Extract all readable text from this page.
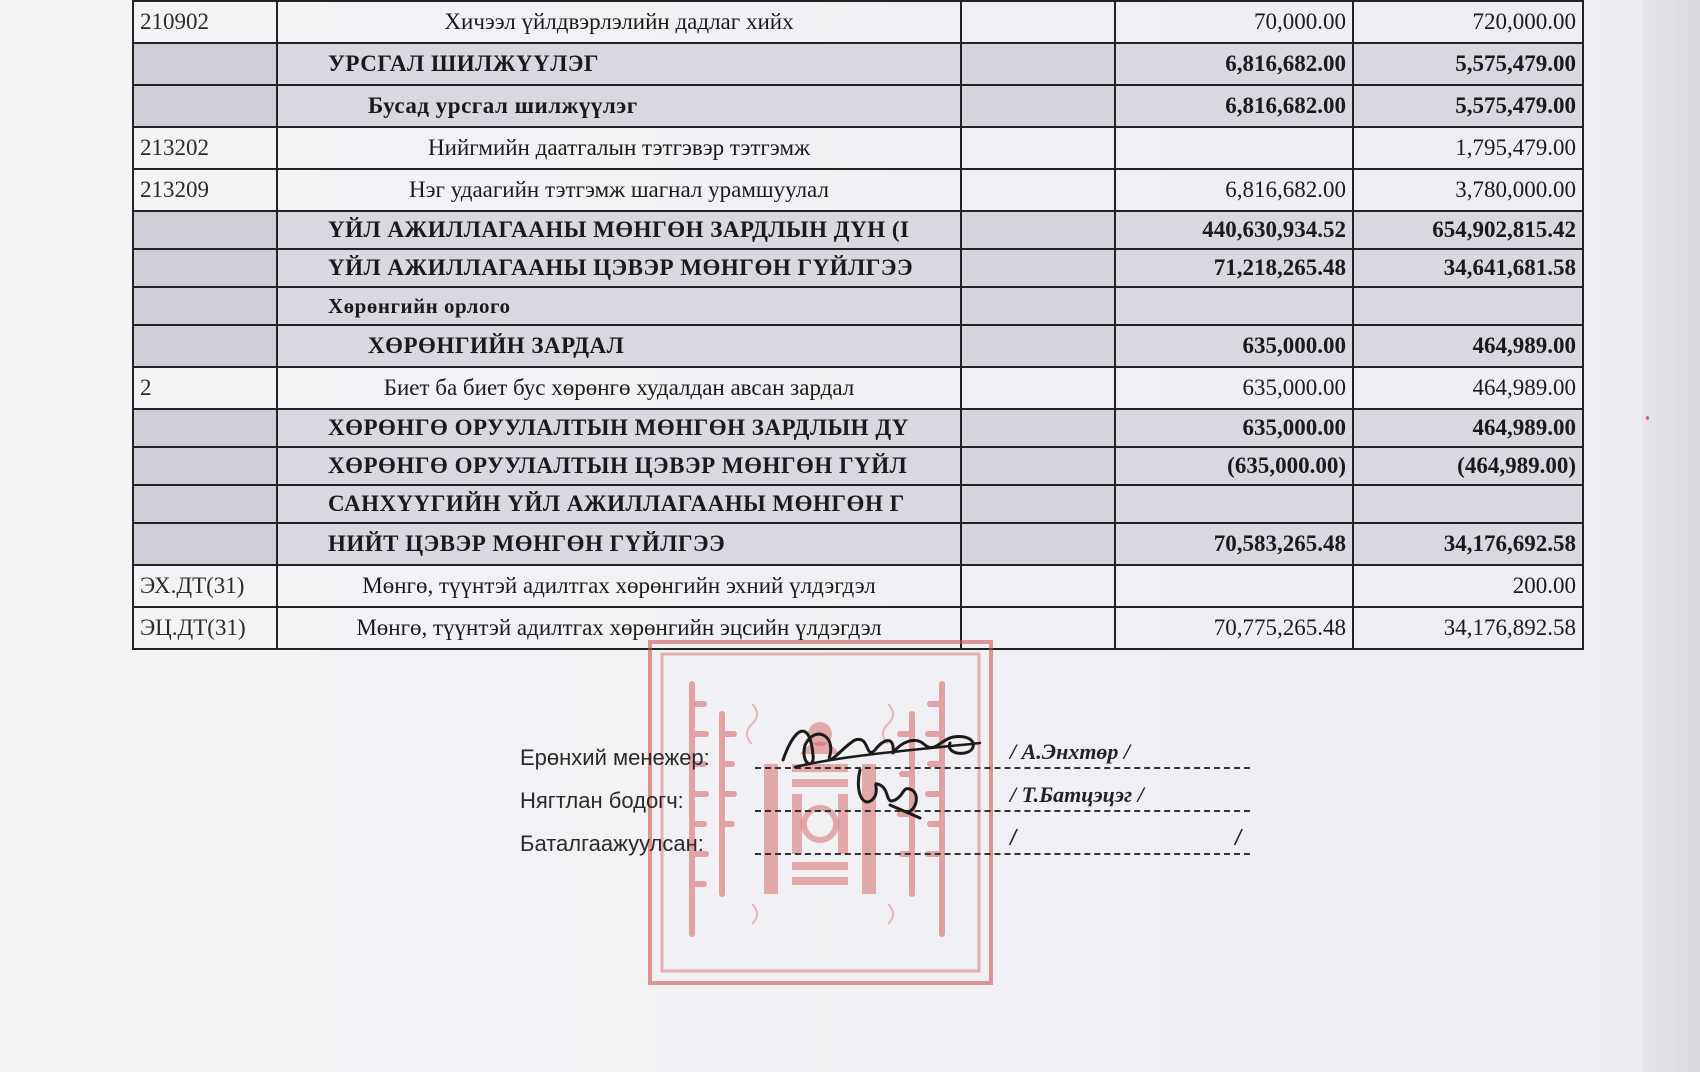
210902	Хичээл үйлдвэрлэлийн дадлаг хийх		70,000.00	720,000.00
	УРСГАЛ ШИЛЖҮҮЛЭГ		6,816,682.00	5,575,479.00
	Бусад урсгал шилжүүлэг		6,816,682.00	5,575,479.00
213202	Нийгмийн даатгалын тэтгэвэр тэтгэмж			1,795,479.00
213209	Нэг удаагийн тэтгэмж шагнал урамшуулал		6,816,682.00	3,780,000.00
	ҮЙЛ АЖИЛЛАГААНЫ МӨНГӨН ЗАРДЛЫН ДҮН (I		440,630,934.52	654,902,815.42
	ҮЙЛ АЖИЛЛАГААНЫ ЦЭВЭР МӨНГӨН ГҮЙЛГЭЭ		71,218,265.48	34,641,681.58
	Хөрөнгийн орлого			
	ХӨРӨНГИЙН ЗАРДАЛ		635,000.00	464,989.00
2	Биет ба биет бус хөрөнгө худалдан авсан зардал		635,000.00	464,989.00
	ХӨРӨНГӨ ОРУУЛАЛТЫН МӨНГӨН ЗАРДЛЫН ДҮ		635,000.00	464,989.00
	ХӨРӨНГӨ ОРУУЛАЛТЫН ЦЭВЭР МӨНГӨН ГҮЙЛ		(635,000.00)	(464,989.00)
	САНХҮҮГИЙН ҮЙЛ АЖИЛЛАГААНЫ МӨНГӨН Г			
	НИЙТ ЦЭВЭР МӨНГӨН ГҮЙЛГЭЭ		70,583,265.48	34,176,692.58
ЭХ.ДТ(31)	Мөнгө, түүнтэй адилтгах хөрөнгийн эхний үлдэгдэл			200.00
ЭЦ.ДТ(31)	Мөнгө, түүнтэй адилтгах хөрөнгийн эцсийн үлдэгдэл		70,775,265.48	34,176,892.58
Ерөнхий менежер:	/ А.Энхтөр /
Нягтлан бодогч:	/ Т.Батцэцэг /
Баталгаажуулсан:	/	/
